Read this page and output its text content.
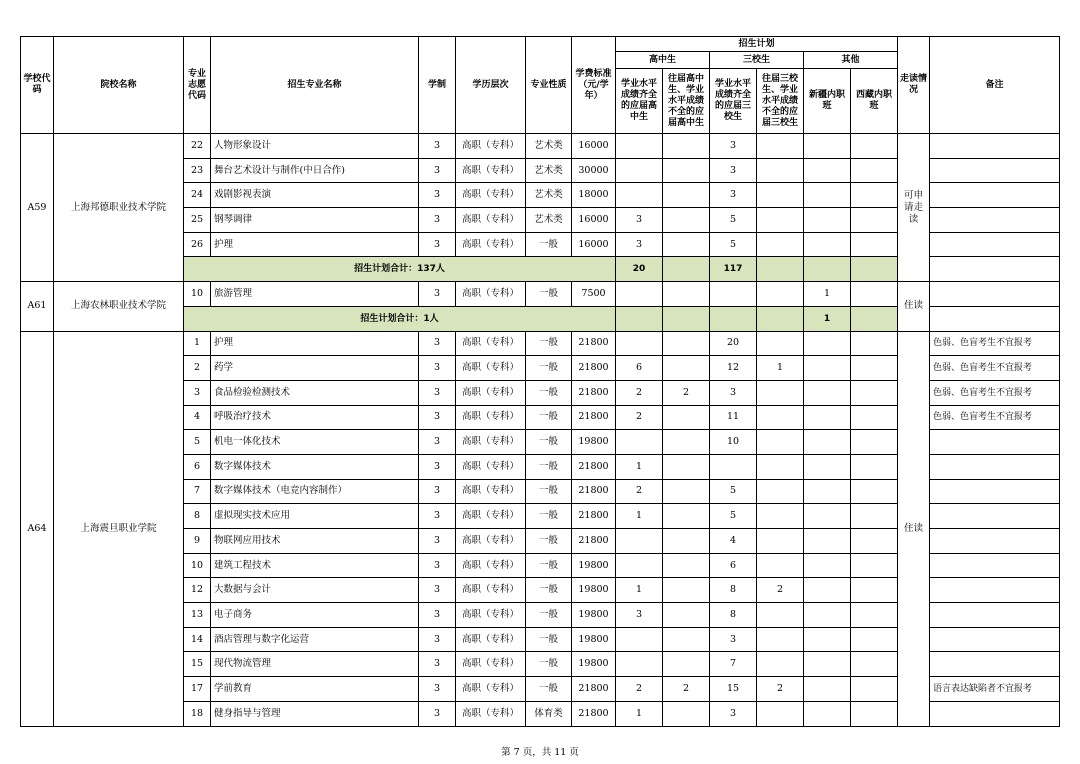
学校代码	院校名称	专业志愿代码	招生专业名称	学制	学历层次	专业性质	学费标准（元/学年）	招生计划						走读情况	备注
								高中生		三校生		其他			
								学业水平成绩齐全的应届高中生	往届高中生、学业水平成绩不全的应届高中生	学业水平成绩齐全的应届三校生	往届三校生、学业水平成绩不全的应届三校生	新疆内职班	西藏内职班		
A59	上海邦德职业技术学院	22	人物形象设计	3	高职（专科）	艺术类	16000			3				可申请走读	
		23	舞台艺术设计与制作(中日合作)	3	高职（专科）	艺术类	30000			3					
		24	戏剧影视表演	3	高职（专科）	艺术类	18000			3					
		25	钢琴调律	3	高职（专科）	艺术类	16000	3		5					
		26	护理	3	高职（专科）	一般	16000	3		5					
		招生计划合计：137人						20		117					
A61	上海农林职业技术学院	10	旅游管理	3	高职（专科）	一般	7500					1		住读	
		招生计划合计：1人										1			
A64	上海震旦职业学院	1	护理	3	高职（专科）	一般	21800			20				住读	色弱、色盲考生不宜报考
		2	药学	3	高职（专科）	一般	21800	6		12	1				色弱、色盲考生不宜报考
		3	食品检验检测技术	3	高职（专科）	一般	21800	2	2	3					色弱、色盲考生不宜报考
		4	呼吸治疗技术	3	高职（专科）	一般	21800	2		11					色弱、色盲考生不宜报考
		5	机电一体化技术	3	高职（专科）	一般	19800			10					
		6	数字媒体技术	3	高职（专科）	一般	21800	1							
		7	数字媒体技术（电竞内容制作）	3	高职（专科）	一般	21800	2		5					
		8	虚拟现实技术应用	3	高职（专科）	一般	21800	1		5					
		9	物联网应用技术	3	高职（专科）	一般	21800			4					
		10	建筑工程技术	3	高职（专科）	一般	19800			6					
		12	大数据与会计	3	高职（专科）	一般	19800	1		8	2				
		13	电子商务	3	高职（专科）	一般	19800	3		8					
		14	酒店管理与数字化运营	3	高职（专科）	一般	19800			3					
		15	现代物流管理	3	高职（专科）	一般	19800			7					
		17	学前教育	3	高职（专科）	一般	21800	2	2	15	2				语言表达缺陷者不宜报考
		18	健身指导与管理	3	高职（专科）	体育类	21800	1		3					
第 7 页，共 11 页
